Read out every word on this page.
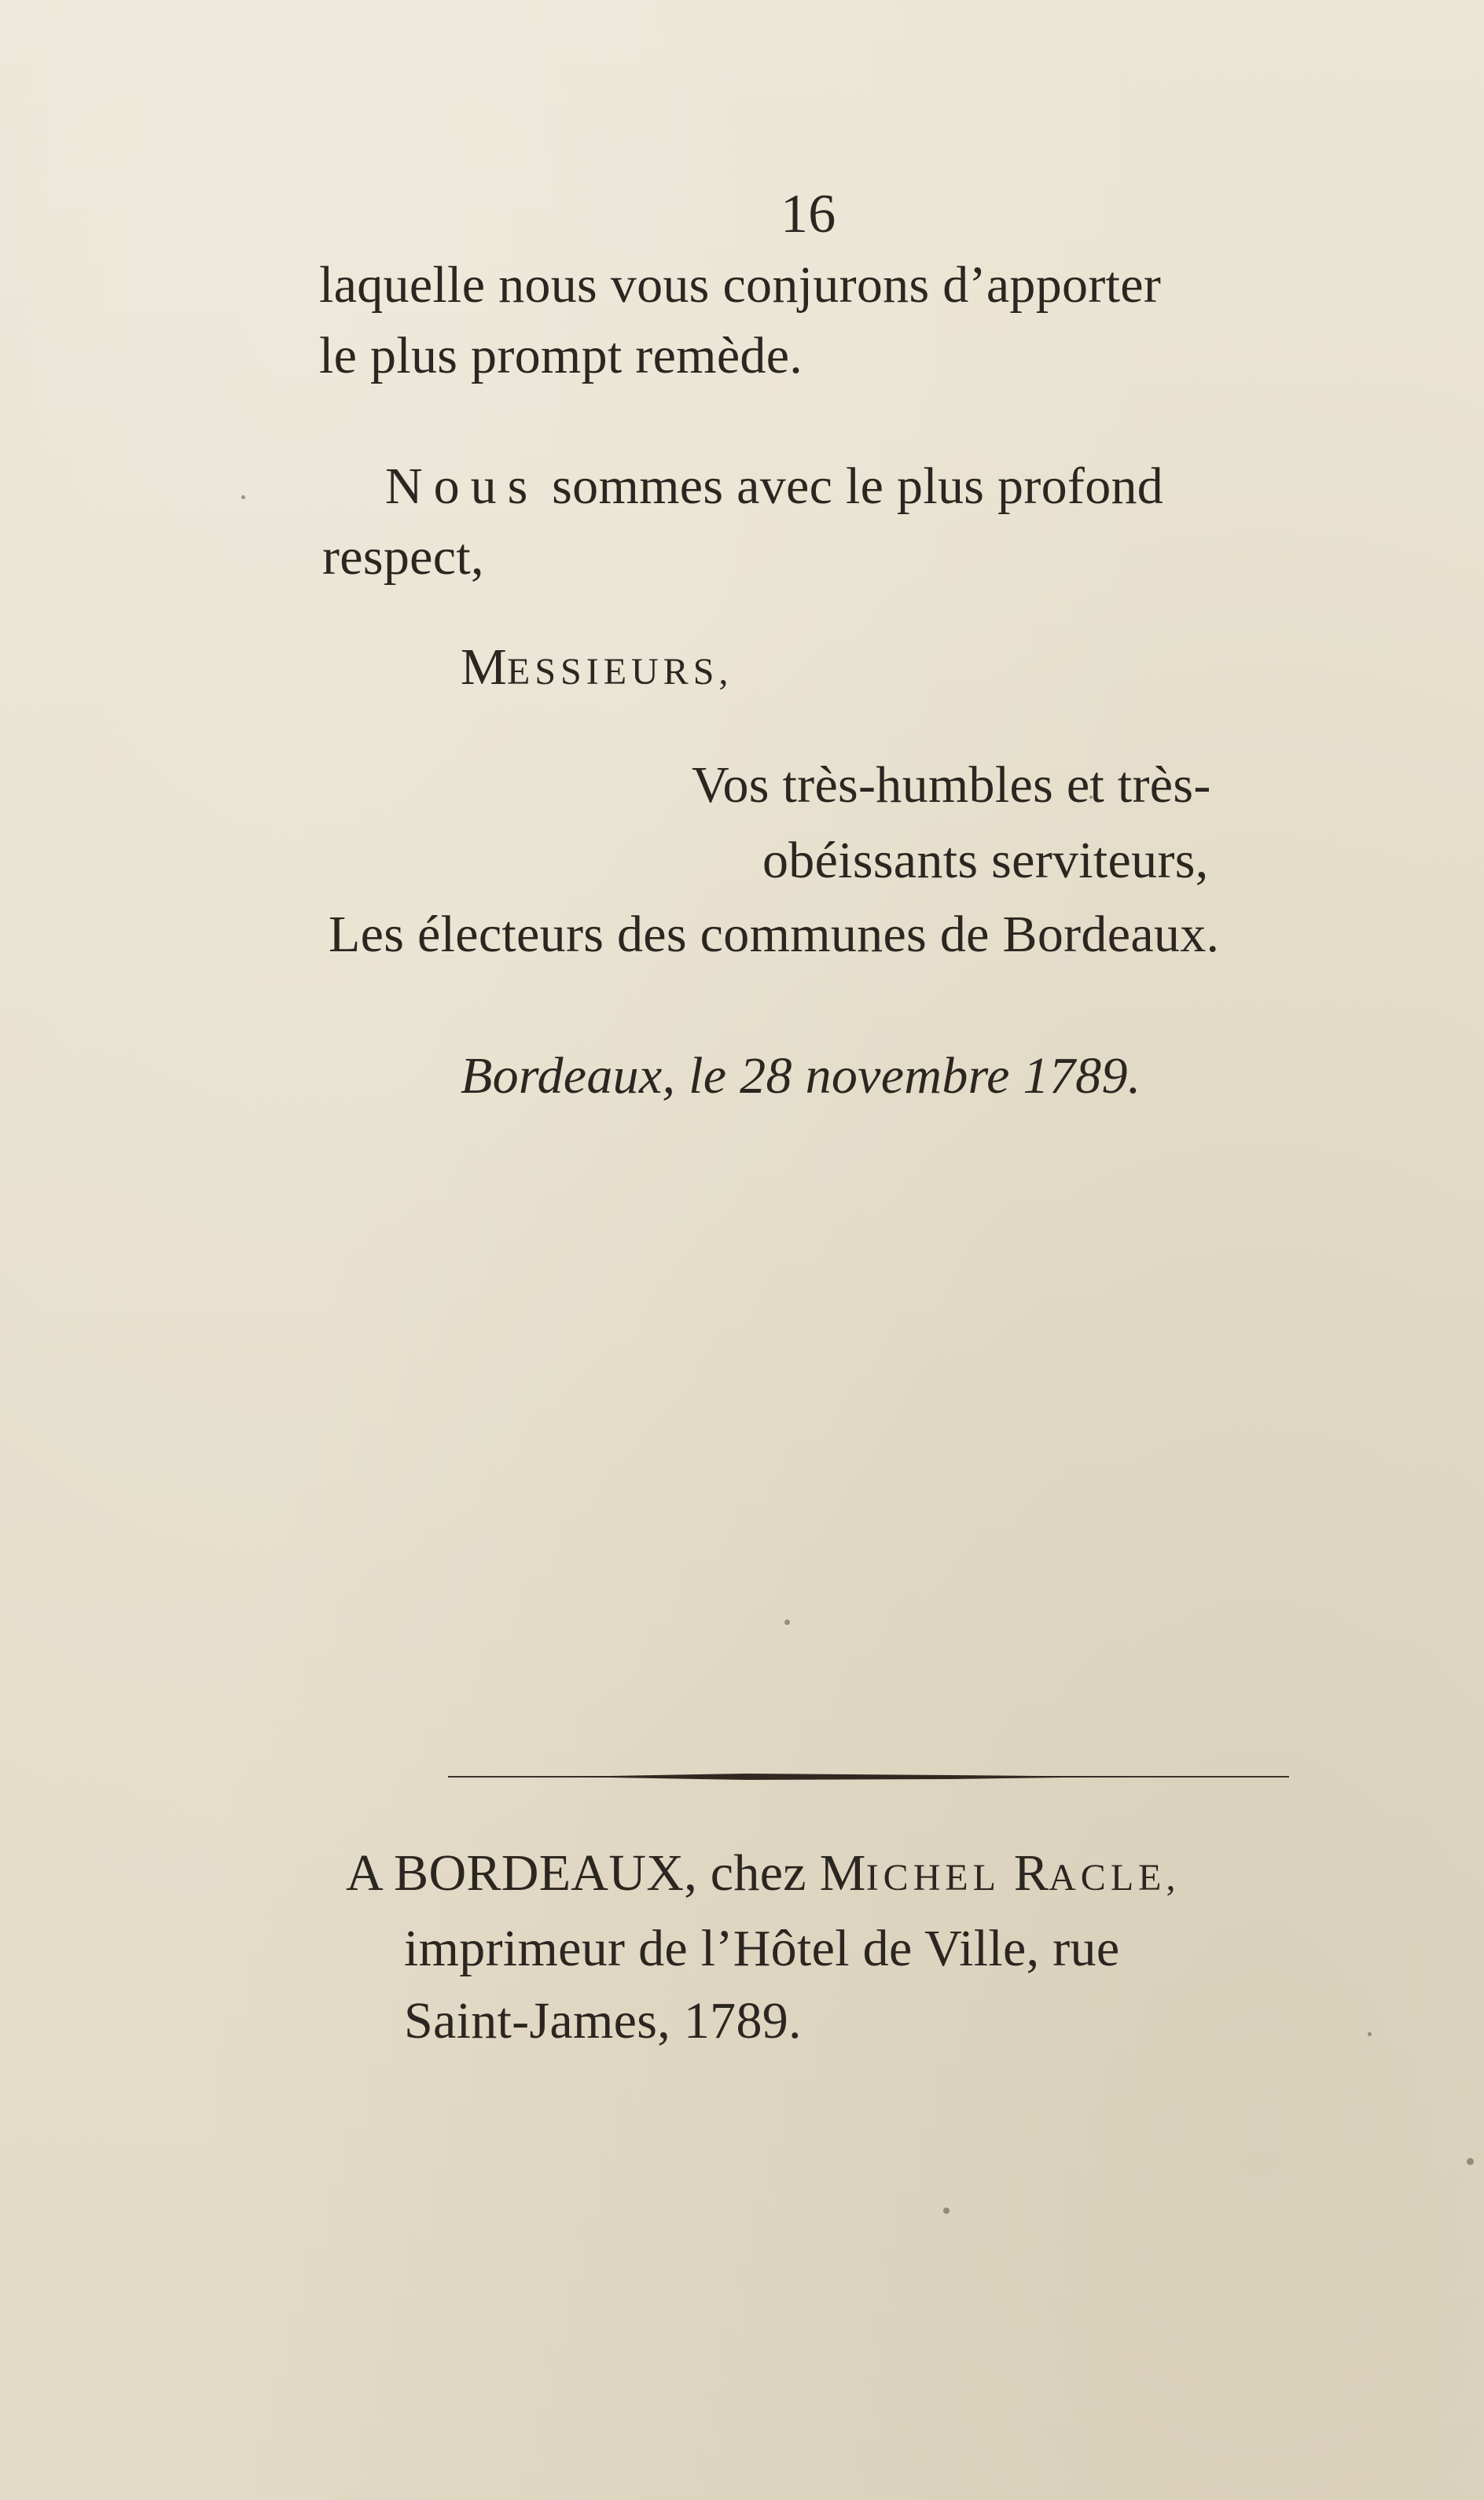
16
laquelle nous vous conjurons d’apporter
le plus prompt remède.
Nous sommes avec le plus profond
respect,
MESSIEURS,
Vos très-humbles et très-
obéissants serviteurs,
Les électeurs des communes de Bordeaux.
Bordeaux, le 28 novembre 1789.
A BORDEAUX, chez MICHEL RACLE,
imprimeur de l’Hôtel de Ville, rue
Saint-James, 1789.
